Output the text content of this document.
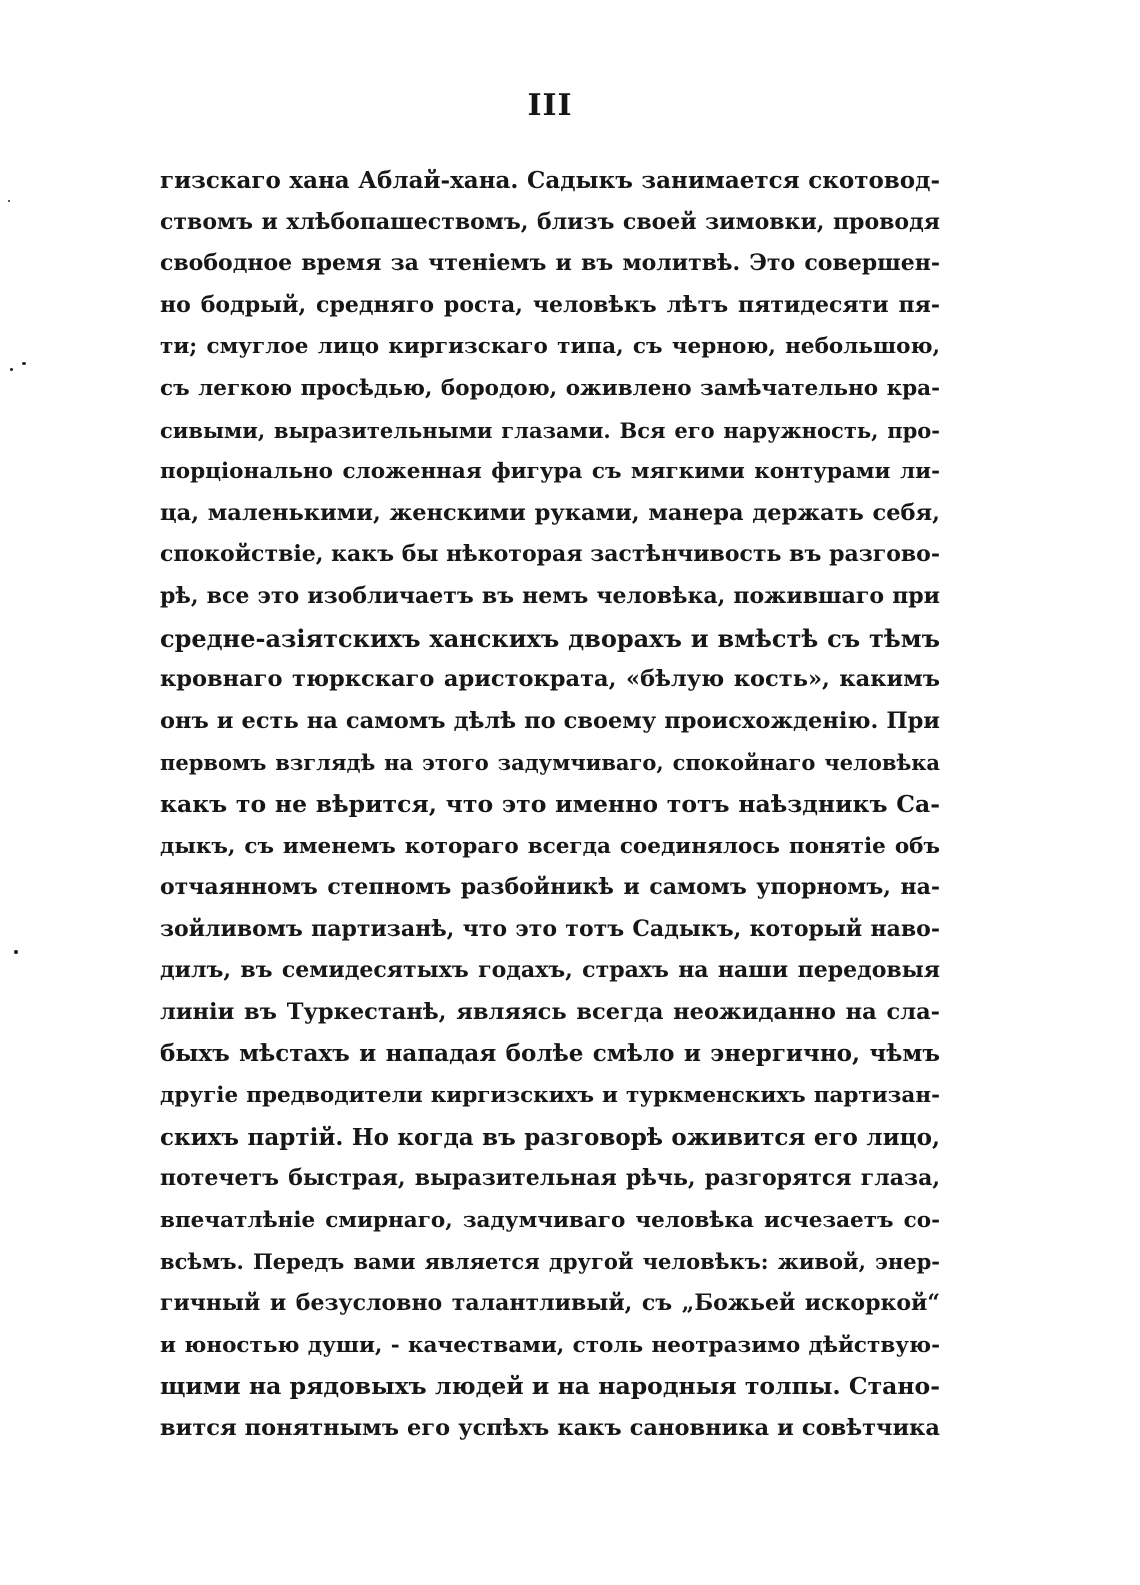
III
гизскаго хана Аблай-хана. Садыкъ занимается скотовод-
ствомъ и хлѣбопашествомъ, близъ своей зимовки, проводя
свободное время за чтеніемъ и въ молитвѣ. Это совершен-
но бодрый, средняго роста, человѣкъ лѣтъ пятидесяти пя-
ти; смуглое лицо киргизскаго типа, съ черною, небольшою,
съ легкою просѣдью, бородою, оживлено замѣчательно кра-
сивыми, выразительными глазами. Вся его наружность, про-
порціонально сложенная фигура съ мягкими контурами ли-
ца, маленькими, женскими руками, манера держать себя,
спокойствіе, какъ бы нѣкоторая застѣнчивость въ разгово-
рѣ, все это изобличаетъ въ немъ человѣка, пожившаго при
средне-азіятскихъ ханскихъ дворахъ и вмѣстѣ съ тѣмъ
кровнаго тюркскаго аристократа, «бѣлую кость», какимъ
онъ и есть на самомъ дѣлѣ по своему происхожденію. При
первомъ взглядѣ на этого задумчиваго, спокойнаго человѣка
какъ то не вѣрится, что это именно тотъ наѣздникъ Са-
дыкъ, съ именемъ котораго всегда соединялось понятіе объ
отчаянномъ степномъ разбойникѣ и самомъ упорномъ, на-
зойливомъ партизанѣ, что это тотъ Садыкъ, который наво-
дилъ, въ семидесятыхъ годахъ, страхъ на наши передовыя
линіи въ Туркестанѣ, являясь всегда неожиданно на сла-
быхъ мѣстахъ и нападая болѣе смѣло и энергично, чѣмъ
другіе предводители киргизскихъ и туркменскихъ партизан-
скихъ партій. Но когда въ разговорѣ оживится его лицо,
потечетъ быстрая, выразительная рѣчь, разгорятся глаза,
впечатлѣніе смирнаго, задумчиваго человѣка исчезаетъ со-
всѣмъ. Передъ вами является другой человѣкъ: живой, энер-
гичный и безусловно талантливый, съ „Божьей искоркой“
и юностью души, - качествами, столь неотразимо дѣйствую-
щими на рядовыхъ людей и на народныя толпы. Стано-
вится понятнымъ его успѣхъ какъ сановника и совѣтчика
